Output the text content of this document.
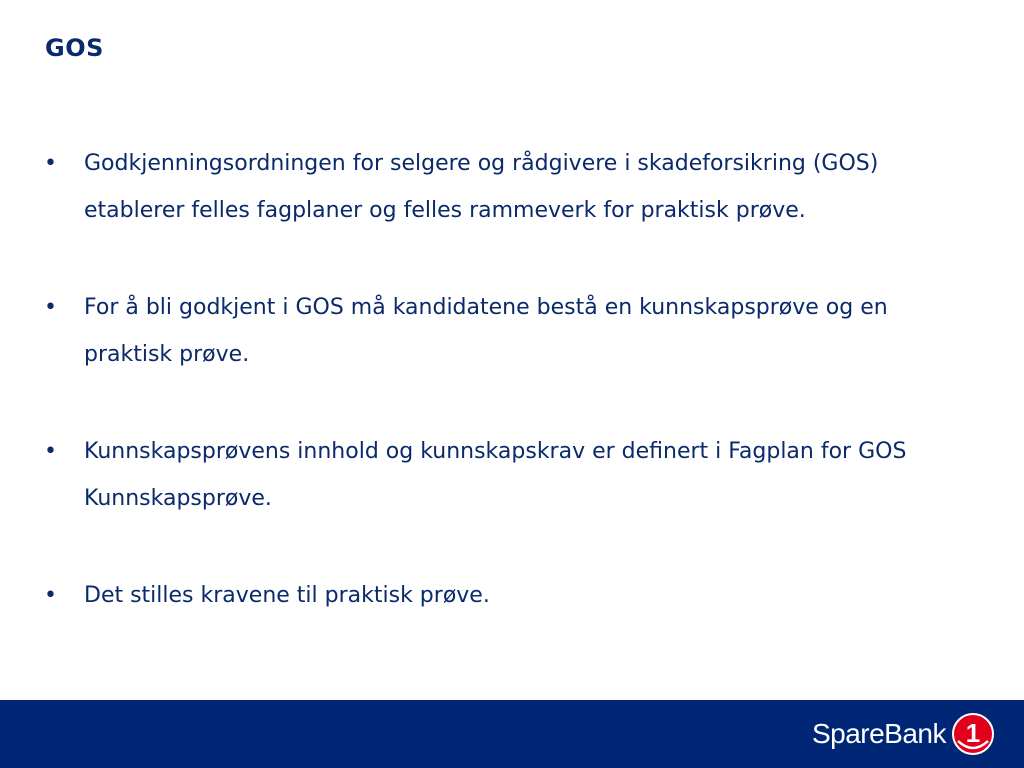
GOS
•	Godkjenningsordningen for selgere og rådgivere i skadeforsikring (GOS) etablerer felles fagplaner og felles rammeverk for praktisk prøve.
•	For å bli godkjent i GOS må kandidatene bestå en kunnskapsprøve og en praktisk prøve.
•	Kunnskapsprøvens innhold og kunnskapskrav er definert i Fagplan for GOS Kunnskapsprøve.
•	Det stilles kravene til praktisk prøve.
SpareBank 1
